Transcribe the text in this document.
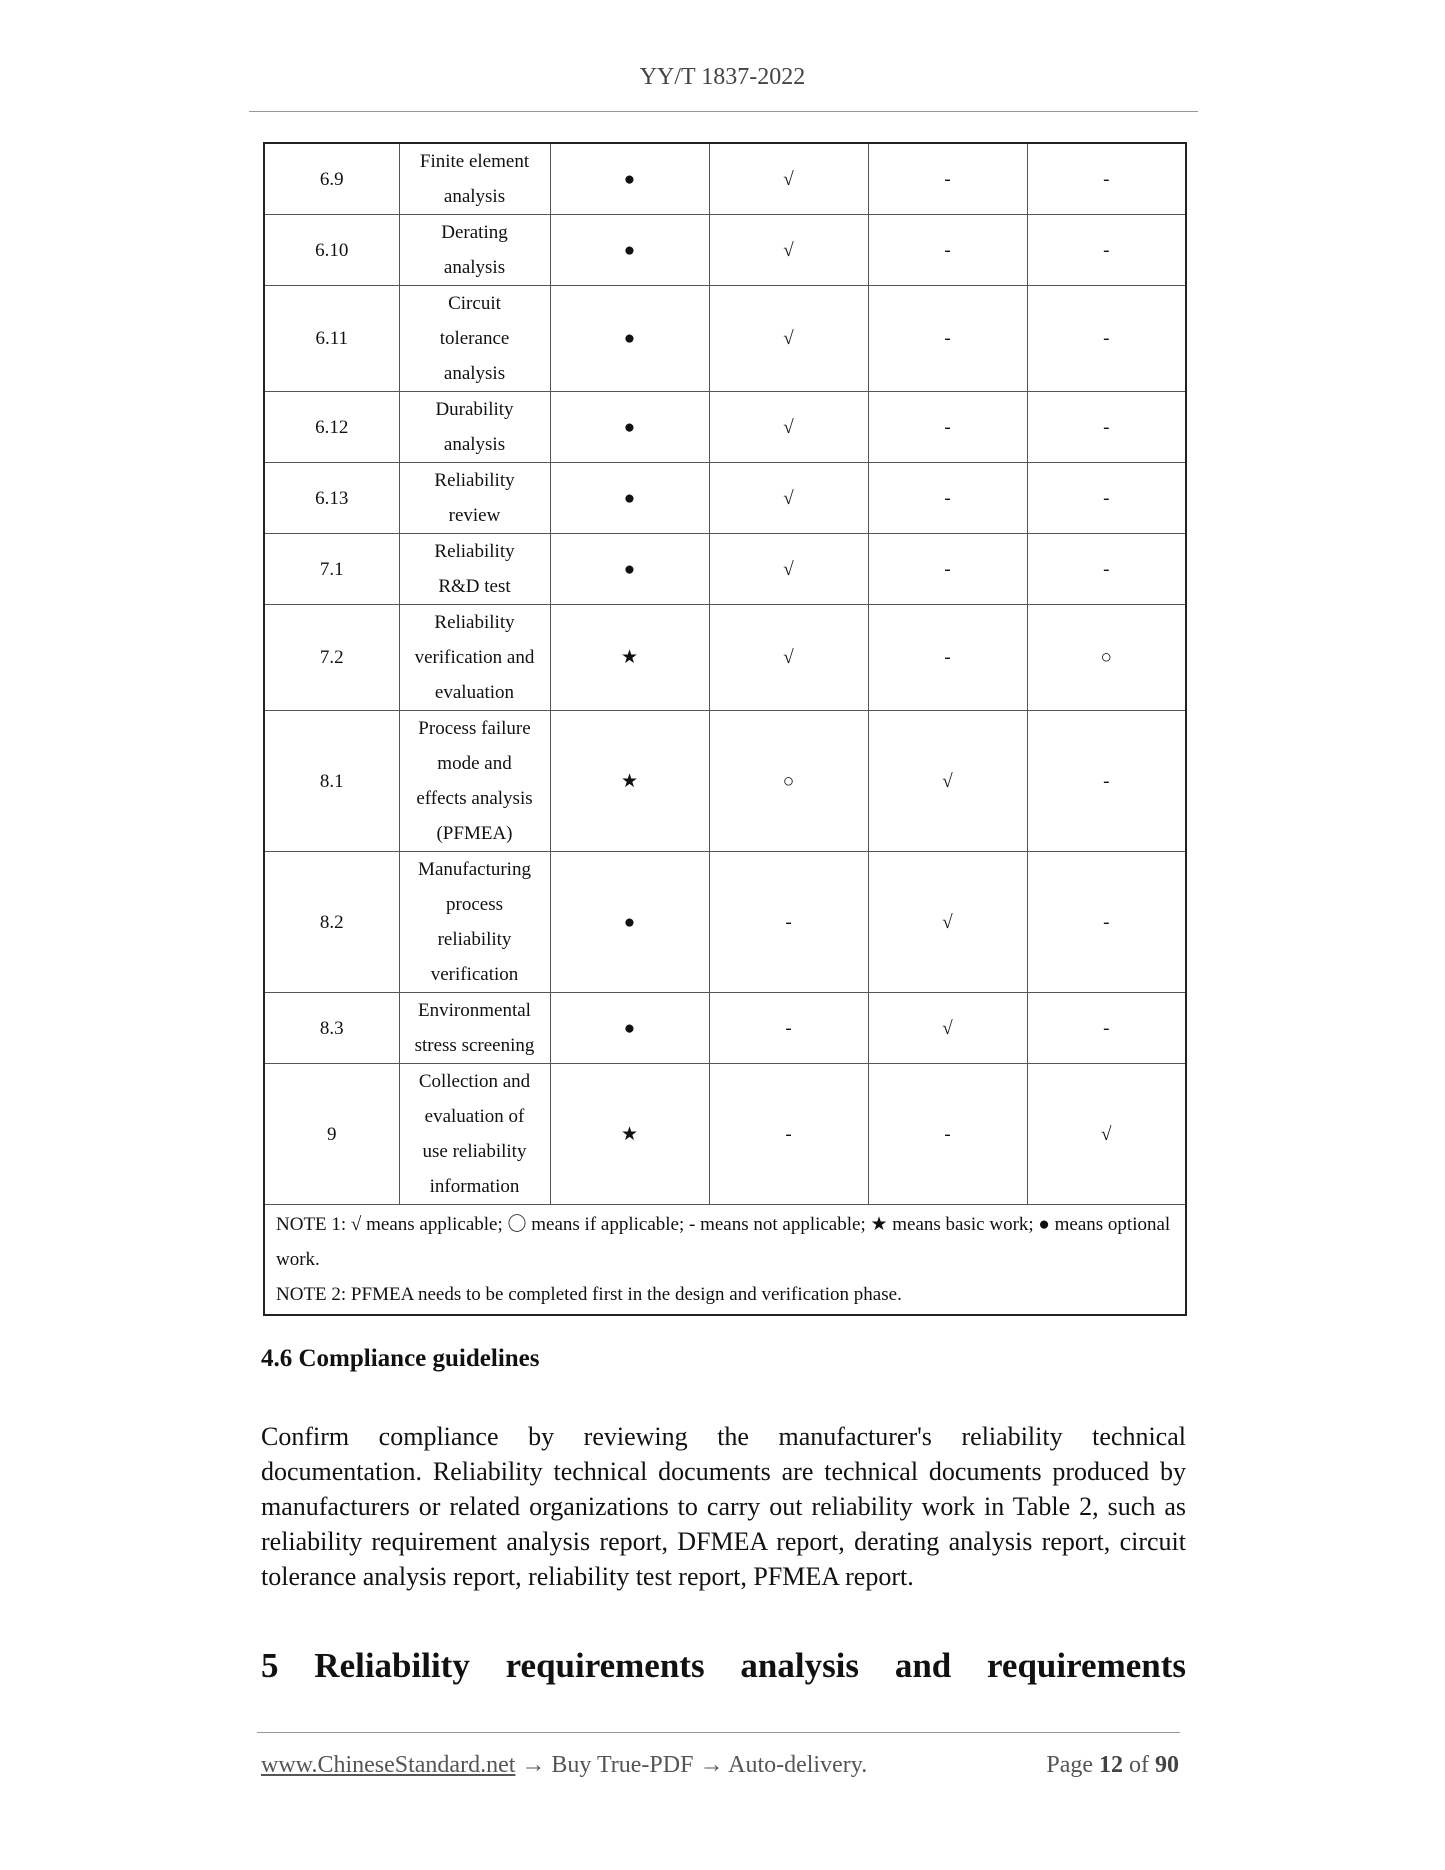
YY/T 1837-2022
6.9	Finite element
analysis	●	√	-	-
6.10	Derating
analysis	●	√	-	-
6.11	Circuit
tolerance
analysis	●	√	-	-
6.12	Durability
analysis	●	√	-	-
6.13	Reliability
review	●	√	-	-
7.1	Reliability
R&D test	●	√	-	-
7.2	Reliability
verification and
evaluation	★	√	-	○
8.1	Process failure
mode and
effects analysis
(PFMEA)	★	○	√	-
8.2	Manufacturing
process
reliability
verification	●	-	√	-
8.3	Environmental
stress screening	●	-	√	-
9	Collection and
evaluation of
use reliability
information	★	-	-	√

NOTE 1: √ means applicable; 〇 means if applicable; - means not applicable; ★ means basic work; ● means optional work.
NOTE 2: PFMEA needs to be completed first in the design and verification phase.					
4.6 Compliance guidelines
Confirm compliance by reviewing the manufacturer's reliability technical documentation. Reliability technical documents are technical documents produced by manufacturers or related organizations to carry out reliability work in Table 2, such as reliability requirement analysis report, DFMEA report, derating analysis report, circuit tolerance analysis report, reliability test report, PFMEA report.
5 Reliability requirements analysis and requirements
www.ChineseStandard.net → Buy True-PDF → Auto-delivery.	Page 12 of 90
